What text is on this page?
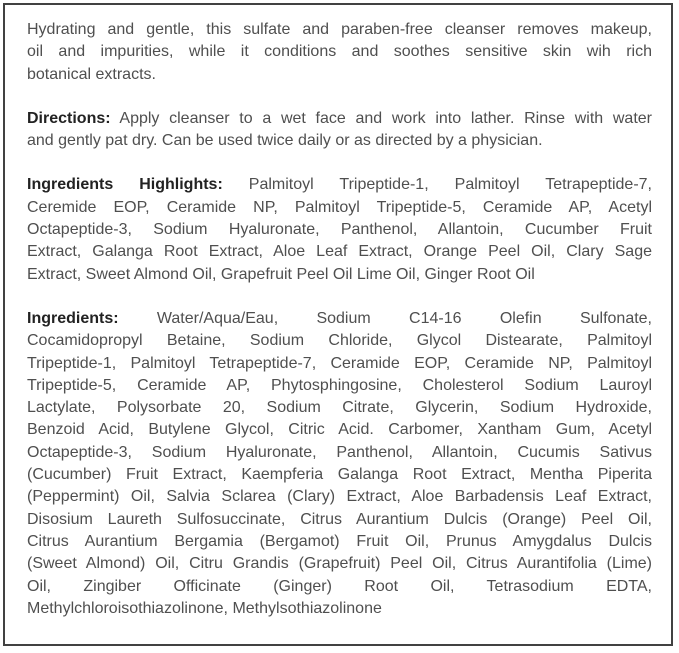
Hydrating and gentle, this sulfate and paraben-free cleanser removes makeup,
oil and impurities, while it conditions and soothes sensitive skin wih rich
botanical extracts.
Directions: Apply cleanser to a wet face and work into lather. Rinse with water
and gently pat dry. Can be used twice daily or as directed by a physician.
Ingredients Highlights: Palmitoyl Tripeptide-1, Palmitoyl Tetrapeptide-7,
Ceremide EOP, Ceramide NP, Palmitoyl Tripeptide-5, Ceramide AP, Acetyl
Octapeptide-3, Sodium Hyaluronate, Panthenol, Allantoin, Cucumber Fruit
Extract, Galanga Root Extract, Aloe Leaf Extract, Orange Peel Oil, Clary Sage
Extract, Sweet Almond Oil, Grapefruit Peel Oil Lime Oil, Ginger Root Oil
Ingredients: Water/Aqua/Eau, Sodium C14-16 Olefin Sulfonate,
Cocamidopropyl Betaine, Sodium Chloride, Glycol Distearate, Palmitoyl
Tripeptide-1, Palmitoyl Tetrapeptide-7, Ceramide EOP, Ceramide NP, Palmitoyl
Tripeptide-5, Ceramide AP, Phytosphingosine, Cholesterol Sodium Lauroyl
Lactylate, Polysorbate 20, Sodium Citrate, Glycerin, Sodium Hydroxide,
Benzoid Acid, Butylene Glycol, Citric Acid. Carbomer, Xantham Gum, Acetyl
Octapeptide-3, Sodium Hyaluronate, Panthenol, Allantoin, Cucumis Sativus
(Cucumber) Fruit Extract, Kaempferia Galanga Root Extract, Mentha Piperita
(Peppermint) Oil, Salvia Sclarea (Clary) Extract, Aloe Barbadensis Leaf Extract,
Disosium Laureth Sulfosuccinate, Citrus Aurantium Dulcis (Orange) Peel Oil,
Citrus Aurantium Bergamia (Bergamot) Fruit Oil, Prunus Amygdalus Dulcis
(Sweet Almond) Oil, Citru Grandis (Grapefruit) Peel Oil, Citrus Aurantifolia (Lime)
Oil, Zingiber Officinate (Ginger) Root Oil, Tetrasodium EDTA,
Methylchloroisothiazolinone, Methylsothiazolinone
